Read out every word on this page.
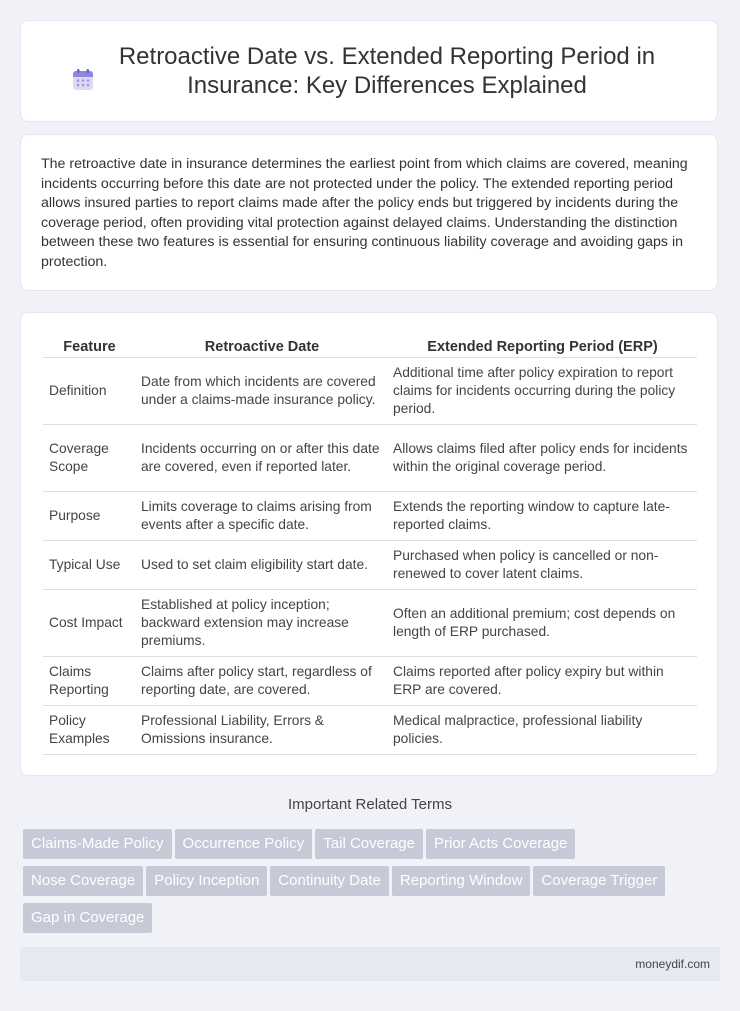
Retroactive Date vs. Extended Reporting Period in Insurance: Key Differences Explained

The retroactive date in insurance determines the earliest point from which claims are covered, meaning incidents occurring before this date are not protected under the policy. The extended reporting period allows insured parties to report claims made after the policy ends but triggered by incidents during the coverage period, often providing vital protection against delayed claims. Understanding the distinction between these two features is essential for ensuring continuous liability coverage and avoiding gaps in protection.

Feature	Retroactive Date	Extended Reporting Period (ERP)
Definition	Date from which incidents are covered under a claims-made insurance policy.	Additional time after policy expiration to report claims for incidents occurring during the policy period.
Coverage Scope	Incidents occurring on or after this date are covered, even if reported later.	Allows claims filed after policy ends for incidents within the original coverage period.
Purpose	Limits coverage to claims arising from events after a specific date.	Extends the reporting window to capture late-reported claims.
Typical Use	Used to set claim eligibility start date.	Purchased when policy is cancelled or non-renewed to cover latent claims.
Cost Impact	Established at policy inception; backward extension may increase premiums.	Often an additional premium; cost depends on length of ERP purchased.
Claims Reporting	Claims after policy start, regardless of reporting date, are covered.	Claims reported after policy expiry but within ERP are covered.
Policy Examples	Professional Liability, Errors & Omissions insurance.	Medical malpractice, professional liability policies.
Important Related Terms
Claims-Made Policy Occurrence Policy Tail Coverage Prior Acts Coverage
Nose Coverage Policy Inception Continuity Date Reporting Window Coverage Trigger
Gap in Coverage
moneydif.com
